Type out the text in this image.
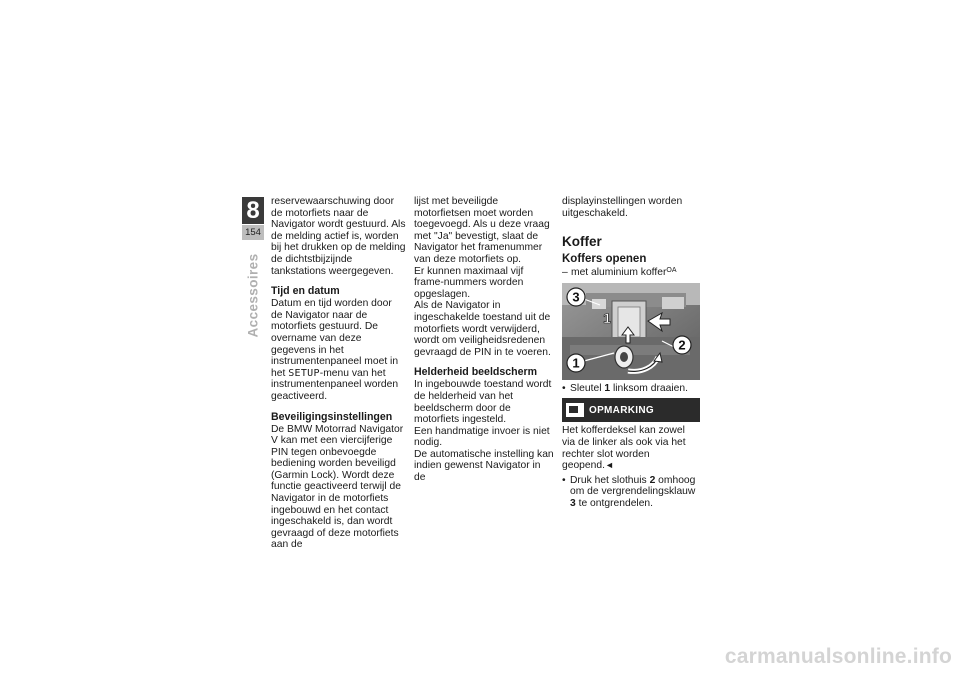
8
154
Accessoires

reservewaarschuwing door de motorfiets naar de Navigator wordt gestuurd. Als de melding actief is, worden bij het drukken op de melding de dichtstbijzijnde tankstations weergegeven.

Tijd en datum

Datum en tijd worden door de Navigator naar de motorfiets gestuurd. De overname van deze gegevens in het instrumentenpaneel moet in het SETUP-menu van het instrumentenpaneel worden geactiveerd.

Beveiligingsinstellingen

De BMW Motorrad Navigator V kan met een viercijferige PIN tegen onbevoegde bediening worden beveiligd (Garmin Lock). Wordt deze functie geactiveerd terwijl de Navigator in de motorfiets ingebouwd en het contact ingeschakeld is, dan wordt gevraagd of deze motorfiets aan de

lijst met beveiligde motorfietsen moet worden toegevoegd. Als u deze vraag met "Ja" bevestigt, slaat de Navigator het framenummer van deze motorfiets op.

Er kunnen maximaal vijf frame-nummers worden opgeslagen.

Als de Navigator in ingeschakelde toestand uit de motorfiets wordt verwijderd, wordt om veiligheidsredenen gevraagd de PIN in te voeren.

Helderheid beeldscherm

In ingebouwde toestand wordt de helderheid van het beeldscherm door de motorfiets ingesteld.

Een handmatige invoer is niet nodig.

De automatische instelling kan indien gewenst Navigator in de

displayinstellingen worden uitgeschakeld.

Koffer
Koffers openen
– met aluminium koffer$^{OA}$
3
1
2
1
• Sleutel 1 linksom draaien.
OPMARKING

Het kofferdeksel kan zowel via de linker als ook via het rechter slot worden geopend.◄

• Druk het slothuis 2 omhoog om de vergrendelingsklauw 3 te ontgrendelen.
carmanualsonline.info
